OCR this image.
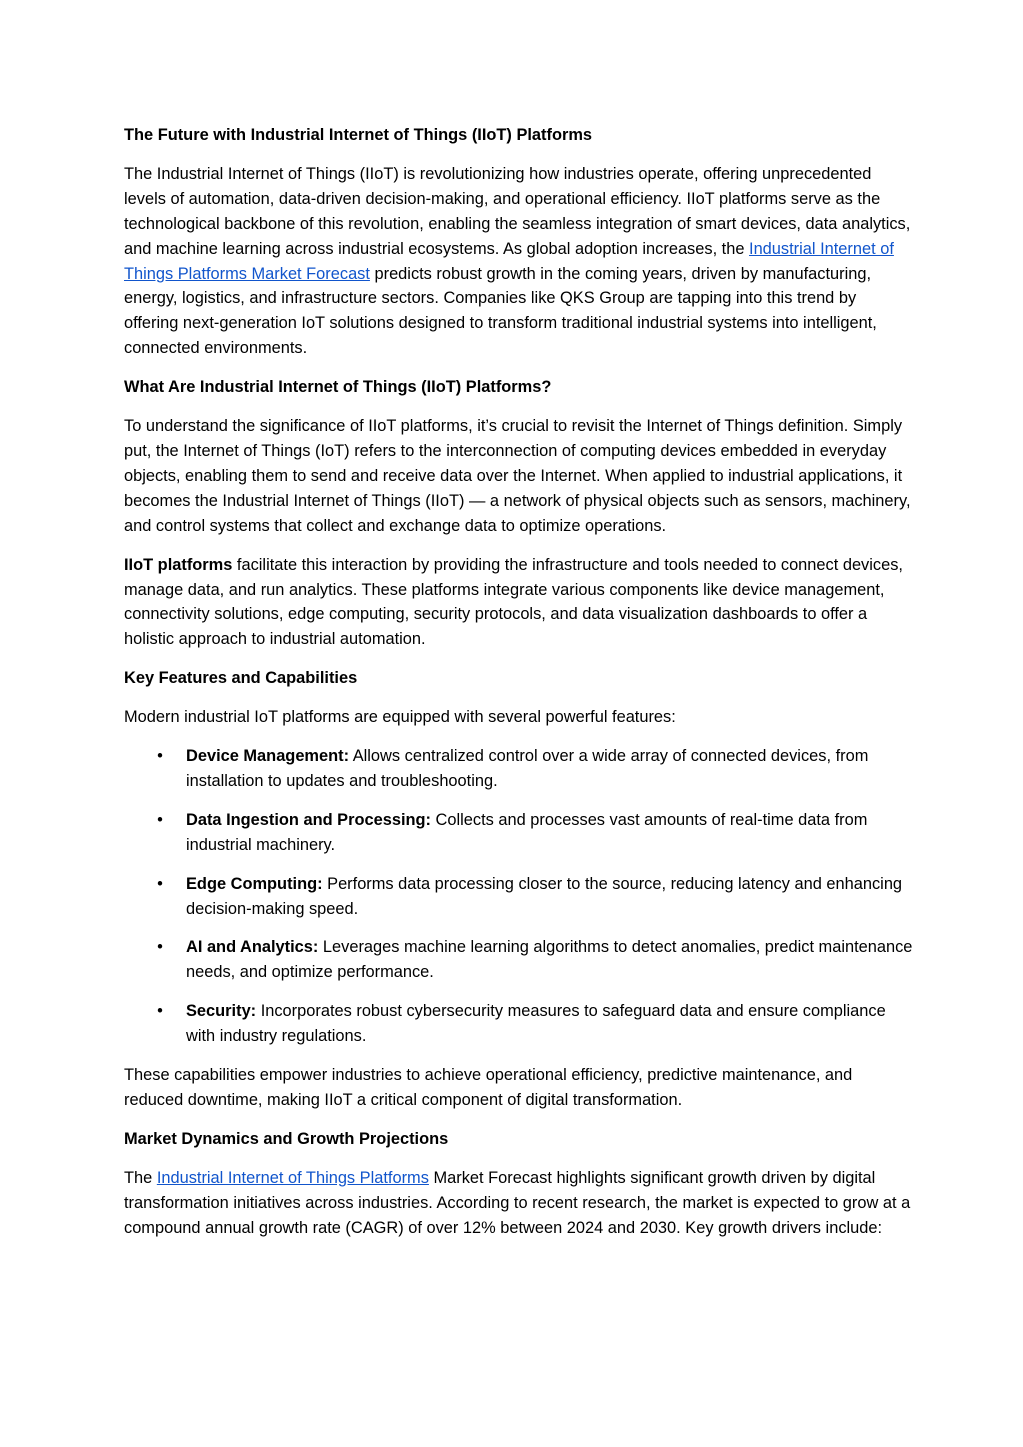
The Future with Industrial Internet of Things (IIoT) Platforms

The Industrial Internet of Things (IIoT) is revolutionizing how industries operate, offering unprecedented levels of automation, data-driven decision-making, and operational efficiency. IIoT platforms serve as the technological backbone of this revolution, enabling the seamless integration of smart devices, data analytics, and machine learning across industrial ecosystems. As global adoption increases, the Industrial Internet of Things Platforms Market Forecast predicts robust growth in the coming years, driven by manufacturing, energy, logistics, and infrastructure sectors. Companies like QKS Group are tapping into this trend by offering next-generation IoT solutions designed to transform traditional industrial systems into intelligent, connected environments.

What Are Industrial Internet of Things (IIoT) Platforms?

To understand the significance of IIoT platforms, it’s crucial to revisit the Internet of Things definition. Simply put, the Internet of Things (IoT) refers to the interconnection of computing devices embedded in everyday objects, enabling them to send and receive data over the Internet. When applied to industrial applications, it becomes the Industrial Internet of Things (IIoT) — a network of physical objects such as sensors, machinery, and control systems that collect and exchange data to optimize operations.

IIoT platforms facilitate this interaction by providing the infrastructure and tools needed to connect devices, manage data, and run analytics. These platforms integrate various components like device management, connectivity solutions, edge computing, security protocols, and data visualization dashboards to offer a holistic approach to industrial automation.

Key Features and Capabilities

Modern industrial IoT platforms are equipped with several powerful features:

• Device Management: Allows centralized control over a wide array of connected devices, from installation to updates and troubleshooting.
• Data Ingestion and Processing: Collects and processes vast amounts of real-time data from industrial machinery.
• Edge Computing: Performs data processing closer to the source, reducing latency and enhancing decision-making speed.
• AI and Analytics: Leverages machine learning algorithms to detect anomalies, predict maintenance needs, and optimize performance.
• Security: Incorporates robust cybersecurity measures to safeguard data and ensure compliance with industry regulations.

These capabilities empower industries to achieve operational efficiency, predictive maintenance, and reduced downtime, making IIoT a critical component of digital transformation.

Market Dynamics and Growth Projections

The Industrial Internet of Things Platforms Market Forecast highlights significant growth driven by digital transformation initiatives across industries. According to recent research, the market is expected to grow at a compound annual growth rate (CAGR) of over 12% between 2024 and 2030. Key growth drivers include:
